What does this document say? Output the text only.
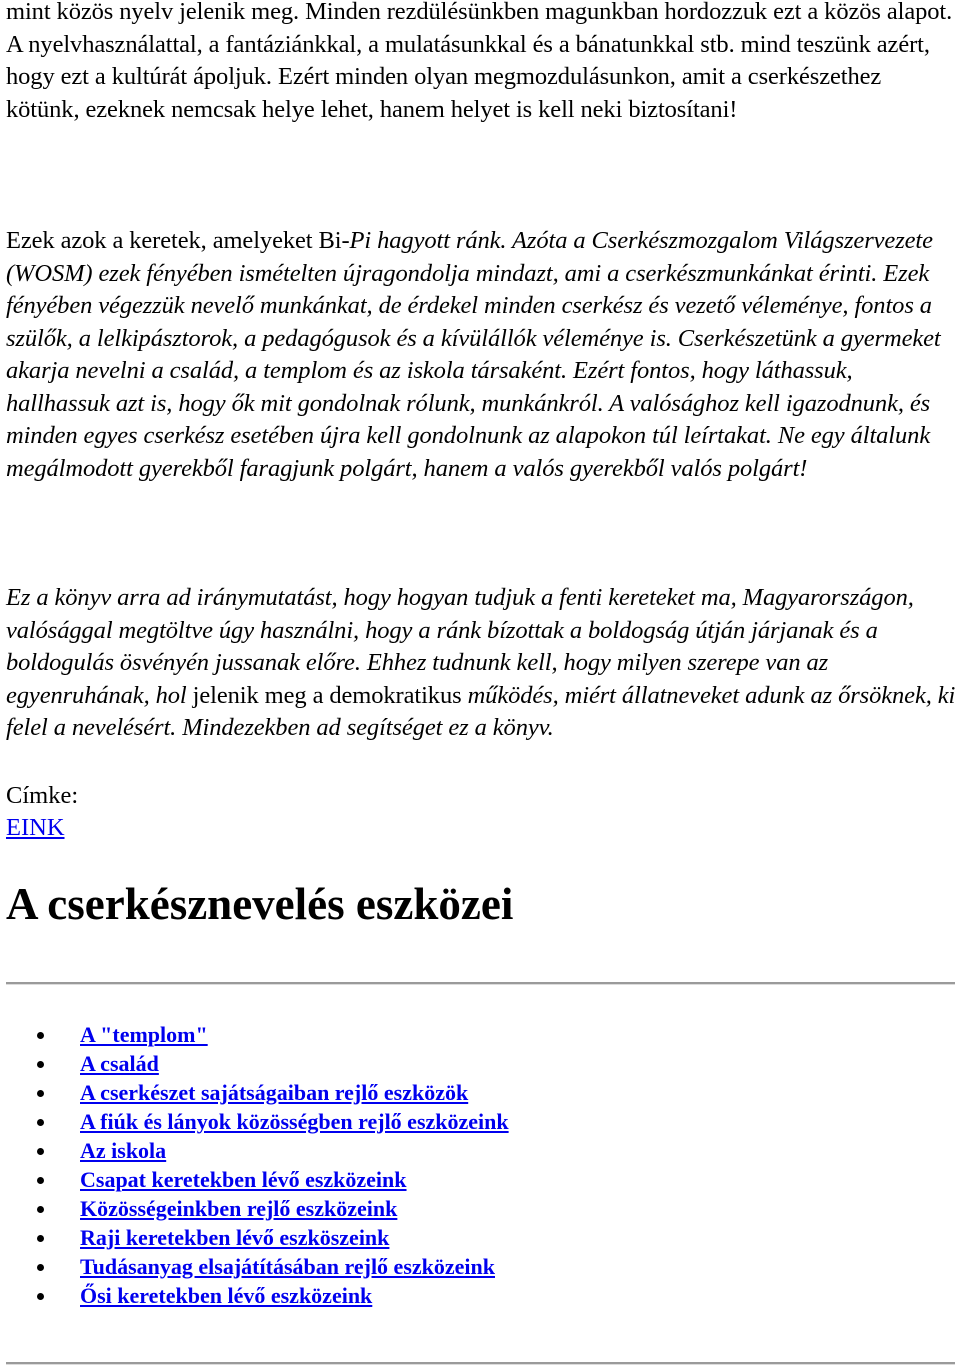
mint közös nyelv jelenik meg. Minden rezdülésünkben magunkban hordozzuk ezt a közös alapot. A nyelvhasználattal, a fantáziánkkal, a mulatásunkkal és a bánatunkkal stb. mind teszünk azért, hogy ezt a kultúrát ápoljuk. Ezért minden olyan megmozdulásunkon, amit a cserkészethez kötünk, ezeknek nemcsak helye lehet, hanem helyet is kell neki biztosítani!

Ezek azok a keretek, amelyeket Bi-Pi hagyott ránk. Azóta a Cserkészmozgalom Világszervezete (WOSM) ezek fényében ismételten újragondolja mindazt, ami a cserkészmunkánkat érinti. Ezek fényében végezzük nevelő munkánkat, de érdekel minden cserkész és vezető véleménye, fontos a szülők, a lelkipásztorok, a pedagógusok és a kívülállók véleménye is. Cserkészetünk a gyermeket akarja nevelni a család, a templom és az iskola társaként. Ezért fontos, hogy láthassuk, hallhassuk azt is, hogy ők mit gondolnak rólunk, munkánkról. A valósághoz kell igazodnunk, és minden egyes cserkész esetében újra kell gondolnunk az alapokon túl leírtakat. Ne egy általunk megálmodott gyerekből faragjunk polgárt, hanem a valós gyerekből valós polgárt!

Ez a könyv arra ad iránymutatást, hogy hogyan tudjuk a fenti kereteket ma, Magyarországon, valósággal megtöltve úgy használni, hogy a ránk bízottak a boldogság útján járjanak és a boldogulás ösvényén jussanak előre. Ehhez tudnunk kell, hogy milyen szerepe van az egyenruhának, hol jelenik meg a demokratikus működés, miért állatneveket adunk az őrsöknek, ki felel a nevelésért. Mindezekben ad segítséget ez a könyv.

Címke:
EINK
A cserkésznevelés eszközei
A "templom"
A család
A cserkészet sajátságaiban rejlő eszközök
A fiúk és lányok közösségben rejlő eszközeink
Az iskola
Csapat keretekben lévő eszközeink
Közösségeinkben rejlő eszközeink
Raji keretekben lévő eszköszeink
Tudásanyag elsajátításában rejlő eszközeink
Ősi keretekben lévő eszközeink
